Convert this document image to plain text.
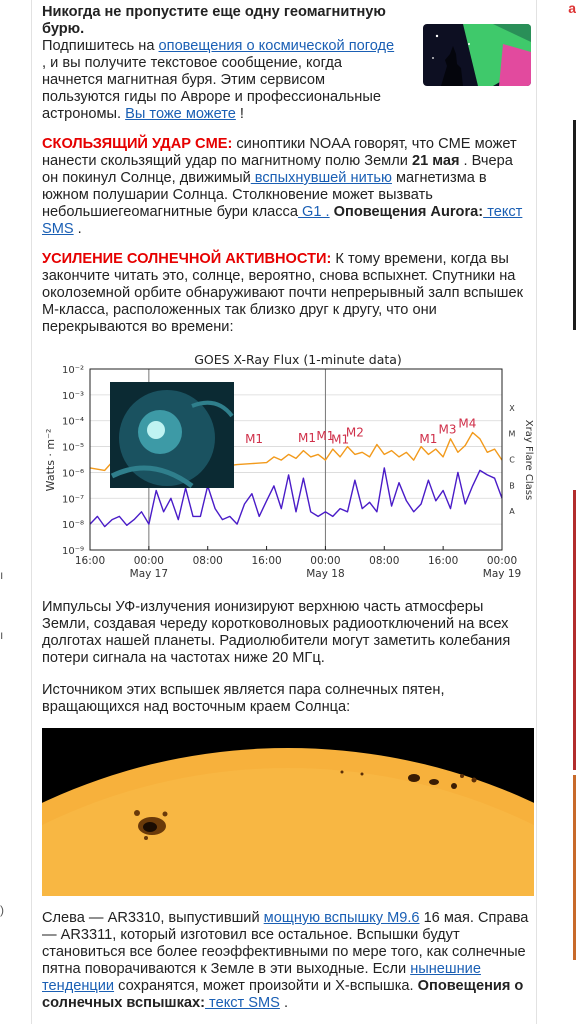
ı
ı
)
a
Никогда не пропустите еще одну геомагнитную бурю.
Подпишитесь на оповещения о космической погоде , и вы получите текстовое сообщение, когда начнется магнитная буря. Этим сервисом пользуются гиды по Авроре и профессиональные астрономы. Вы тоже можете !
СКОЛЬЗЯЩИЙ УДАР CME: синоптики NOAA говорят, что CME может нанести скользящий удар по магнитному полю Земли 21 мая . Вчера он покинул Солнце, движимый вспыхнувшей нитью магнетизма в южном полушарии Солнца. Столкновение может вызвать небольшиегеомагнитные бури класса G1 . Оповещения Aurora: текст SMS .
УСИЛЕНИЕ СОЛНЕЧНОЙ АКТИВНОСТИ: К тому времени, когда вы закончите читать это, солнце, вероятно, снова вспыхнет. Спутники на околоземной орбите обнаруживают почти непрерывный залп вспышек M-класса, расположенных так близко друг к другу, что они перекрываются во времени:
GOES X-Ray Flux (1-minute data)
10⁻²
10⁻³
10⁻⁴
10⁻⁵
10⁻⁶
10⁻⁷
10⁻⁸
10⁻⁹
16:00	00:00	08:00	16:00	00:00	08:00	16:00	00:00
May 17	May 18	May 19
X
M
C
B
A
M1	M1 M1
M1
M2	M1
M3 M4
Watts · m⁻²	Xray Flare Class
Импульсы УФ-излучения ионизируют верхнюю часть атмосферы Земли, создавая череду коротковолновых радиоотключений на всех долготах нашей планеты. Радиолюбители могут заметить колебания потери сигнала на частотах ниже 20 МГц.
Источником этих вспышек является пара солнечных пятен, вращающихся над восточным краем Солнца:
Слева — AR3310, выпустивший мощную вспышку M9.6 16 мая. Справа — AR3311, который изготовил все остальное. Вспышки будут становиться все более геоэффективными по мере того, как солнечные пятна поворачиваются к Земле в эти выходные. Если нынешние тенденции сохранятся, может произойти и X-вспышка. Оповещения о солнечных вспышках: текст SMS .
